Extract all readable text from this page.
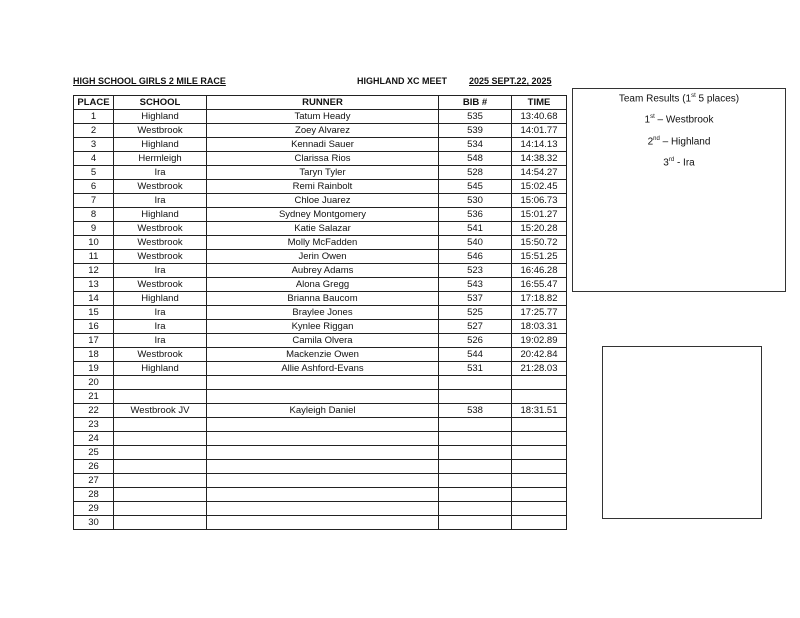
HIGH SCHOOL GIRLS 2 MILE RACE	HIGHLAND XC MEET 2025 SEPT.22, 2025
PLACE	SCHOOL	RUNNER	BIB #	TIME
1	Highland	Tatum Heady	535	13:40.68
2	Westbrook	Zoey Alvarez	539	14:01.77
3	Highland	Kennadi Sauer	534	14:14.13
4	Hermleigh	Clarissa Rios	548	14:38.32
5	Ira	Taryn Tyler	528	14:54.27
6	Westbrook	Remi Rainbolt	545	15:02.45
7	Ira	Chloe Juarez	530	15:06.73
8	Highland	Sydney Montgomery	536	15:01.27
9	Westbrook	Katie Salazar	541	15:20.28
10	Westbrook	Molly McFadden	540	15:50.72
11	Westbrook	Jerin Owen	546	15:51.25
12	Ira	Aubrey Adams	523	16:46.28
13	Westbrook	Alona Gregg	543	16:55.47
14	Highland	Brianna Baucom	537	17:18.82
15	Ira	Braylee Jones	525	17:25.77
16	Ira	Kynlee Riggan	527	18:03.31
17	Ira	Camila Olvera	526	19:02.89
18	Westbrook	Mackenzie Owen	544	20:42.84
19	Highland	Allie Ashford-Evans	531	21:28.03
20				
21				
22	Westbrook JV	Kayleigh Daniel	538	18:31.51
23				
24				
25				
26				
27				
28				
29				
30				
Team Results (1st 5 places)
1st – Westbrook
2nd – Highland
3rd - Ira
